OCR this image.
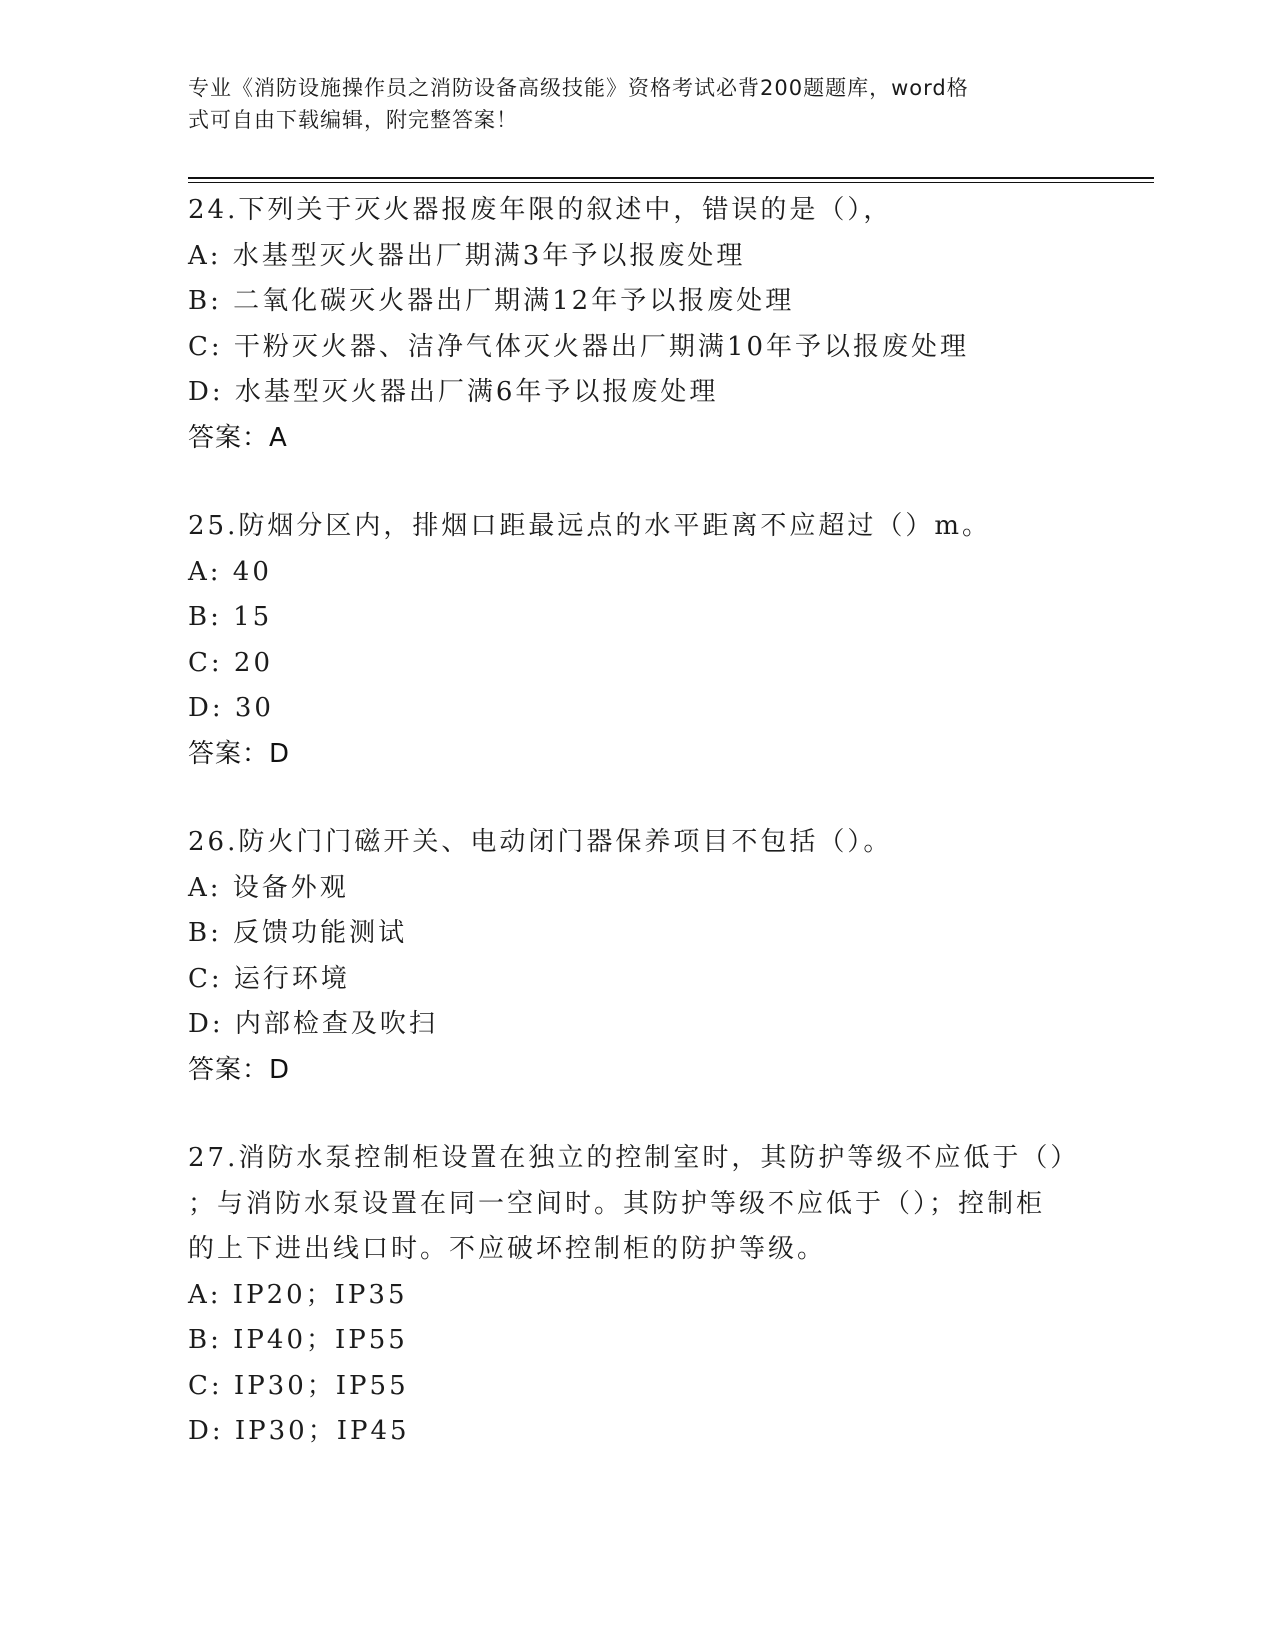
专业《消防设施操作员之消防设备高级技能》资格考试必背200题题库，word格
式可自由下载编辑，附完整答案！
24.下列关于灭火器报废年限的叙述中，错误的是（），
A: 水基型灭火器出厂期满3年予以报废处理
B: 二氧化碳灭火器出厂期满12年予以报废处理
C: 干粉灭火器、洁净气体灭火器出厂期满10年予以报废处理
D: 水基型灭火器出厂满6年予以报废处理
答案：A
25.防烟分区内，排烟口距最远点的水平距离不应超过（）m。
A: 40
B: 15
C: 20
D: 30
答案：D
26.防火门门磁开关、电动闭门器保养项目不包括（）。
A: 设备外观
B: 反馈功能测试
C: 运行环境
D: 内部检查及吹扫
答案：D
27.消防水泵控制柜设置在独立的控制室时，其防护等级不应低于（）
；与消防水泵设置在同一空间时。其防护等级不应低于（）；控制柜
的上下进出线口时。不应破坏控制柜的防护等级。
A: IP20；IP35
B: IP40；IP55
C: IP30；IP55
D: IP30；IP45
